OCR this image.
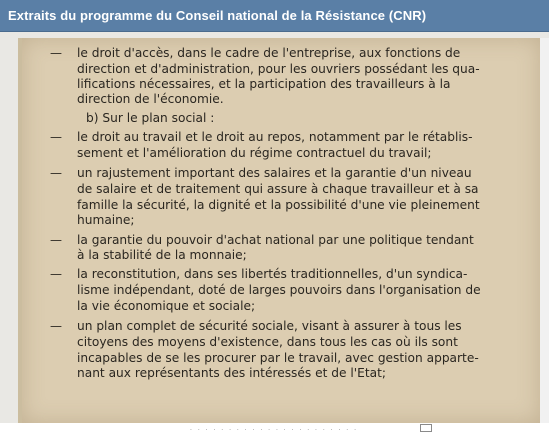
Extraits du programme du Conseil national de la Résistance (CNR)
—
—
—
—
—
—
le droit d'accès, dans le cadre de l'entreprise, aux fonctions de
direction et d'administration, pour les ouvriers possédant les qua-
lifications nécessaires, et la participation des travailleurs à la
direction de l'économie.
b) Sur le plan social :
le droit au travail et le droit au repos, notamment par le rétablis-
sement et l'amélioration du régime contractuel du travail;
un rajustement important des salaires et la garantie d'un niveau
de salaire et de traitement qui assure à chaque travailleur et à sa
famille la sécurité, la dignité et la possibilité d'une vie pleinement
humaine;
la garantie du pouvoir d'achat national par une politique tendant
à la stabilité de la monnaie;
la reconstitution, dans ses libertés traditionnelles, d'un syndica-
lisme indépendant, doté de larges pouvoirs dans l'organisation de
la vie économique et sociale;
un plan complet de sécurité sociale, visant à assurer à tous les
citoyens des moyens d'existence, dans tous les cas où ils sont
incapables de se les procurer par le travail, avec gestion apparte-
nant aux représentants des intéressés et de l'Etat;
. . . . . . . . . . . . . . . . . . . . . .
